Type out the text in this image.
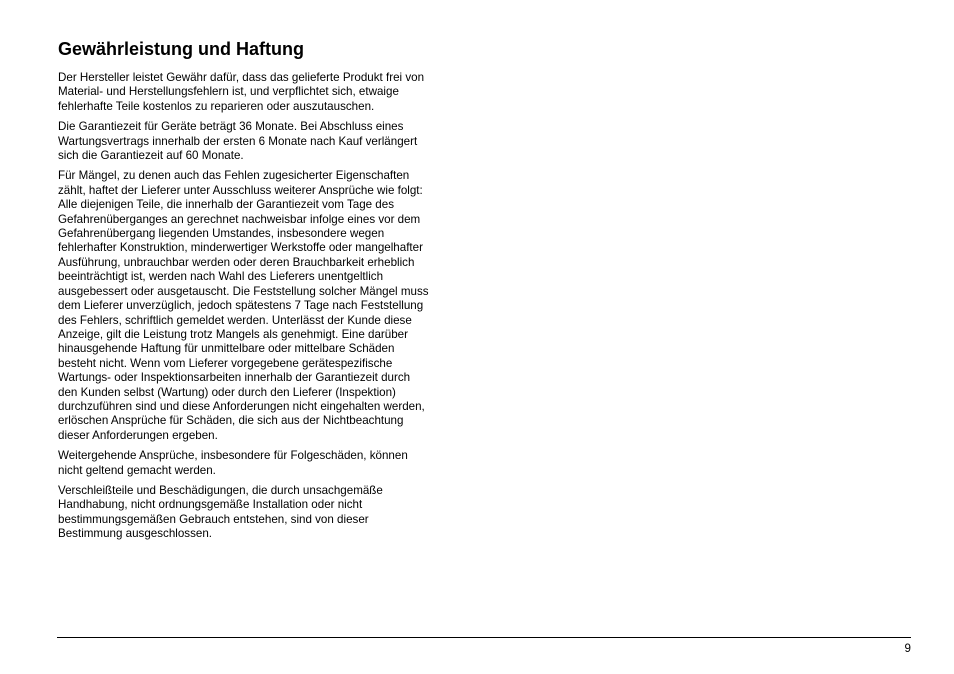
Gewährleistung und Haftung

Der Hersteller leistet Gewähr dafür, dass das gelieferte Produkt frei von
Material- und Herstellungsfehlern ist, und verpflichtet sich, etwaige
fehlerhafte Teile kostenlos zu reparieren oder auszutauschen.

Die Garantiezeit für Geräte beträgt 36 Monate. Bei Abschluss eines
Wartungsvertrags innerhalb der ersten 6 Monate nach Kauf verlängert
sich die Garantiezeit auf 60 Monate.

Für Mängel, zu denen auch das Fehlen zugesicherter Eigenschaften
zählt, haftet der Lieferer unter Ausschluss weiterer Ansprüche wie folgt:
Alle diejenigen Teile, die innerhalb der Garantiezeit vom Tage des
Gefahrenüberganges an gerechnet nachweisbar infolge eines vor dem
Gefahrenübergang liegenden Umstandes, insbesondere wegen
fehlerhafter Konstruktion, minderwertiger Werkstoffe oder mangelhafter
Ausführung, unbrauchbar werden oder deren Brauchbarkeit erheblich
beeinträchtigt ist, werden nach Wahl des Lieferers unentgeltlich
ausgebessert oder ausgetauscht. Die Feststellung solcher Mängel muss
dem Lieferer unverzüglich, jedoch spätestens 7 Tage nach Feststellung
des Fehlers, schriftlich gemeldet werden. Unterlässt der Kunde diese
Anzeige, gilt die Leistung trotz Mangels als genehmigt. Eine darüber
hinausgehende Haftung für unmittelbare oder mittelbare Schäden
besteht nicht. Wenn vom Lieferer vorgegebene gerätespezifische
Wartungs- oder Inspektionsarbeiten innerhalb der Garantiezeit durch
den Kunden selbst (Wartung) oder durch den Lieferer (Inspektion)
durchzuführen sind und diese Anforderungen nicht eingehalten werden,
erlöschen Ansprüche für Schäden, die sich aus der Nichtbeachtung
dieser Anforderungen ergeben.

Weitergehende Ansprüche, insbesondere für Folgeschäden, können
nicht geltend gemacht werden.

Verschleißteile und Beschädigungen, die durch unsachgemäße
Handhabung, nicht ordnungsgemäße Installation oder nicht
bestimmungsgemäßen Gebrauch entstehen, sind von dieser
Bestimmung ausgeschlossen.

9
